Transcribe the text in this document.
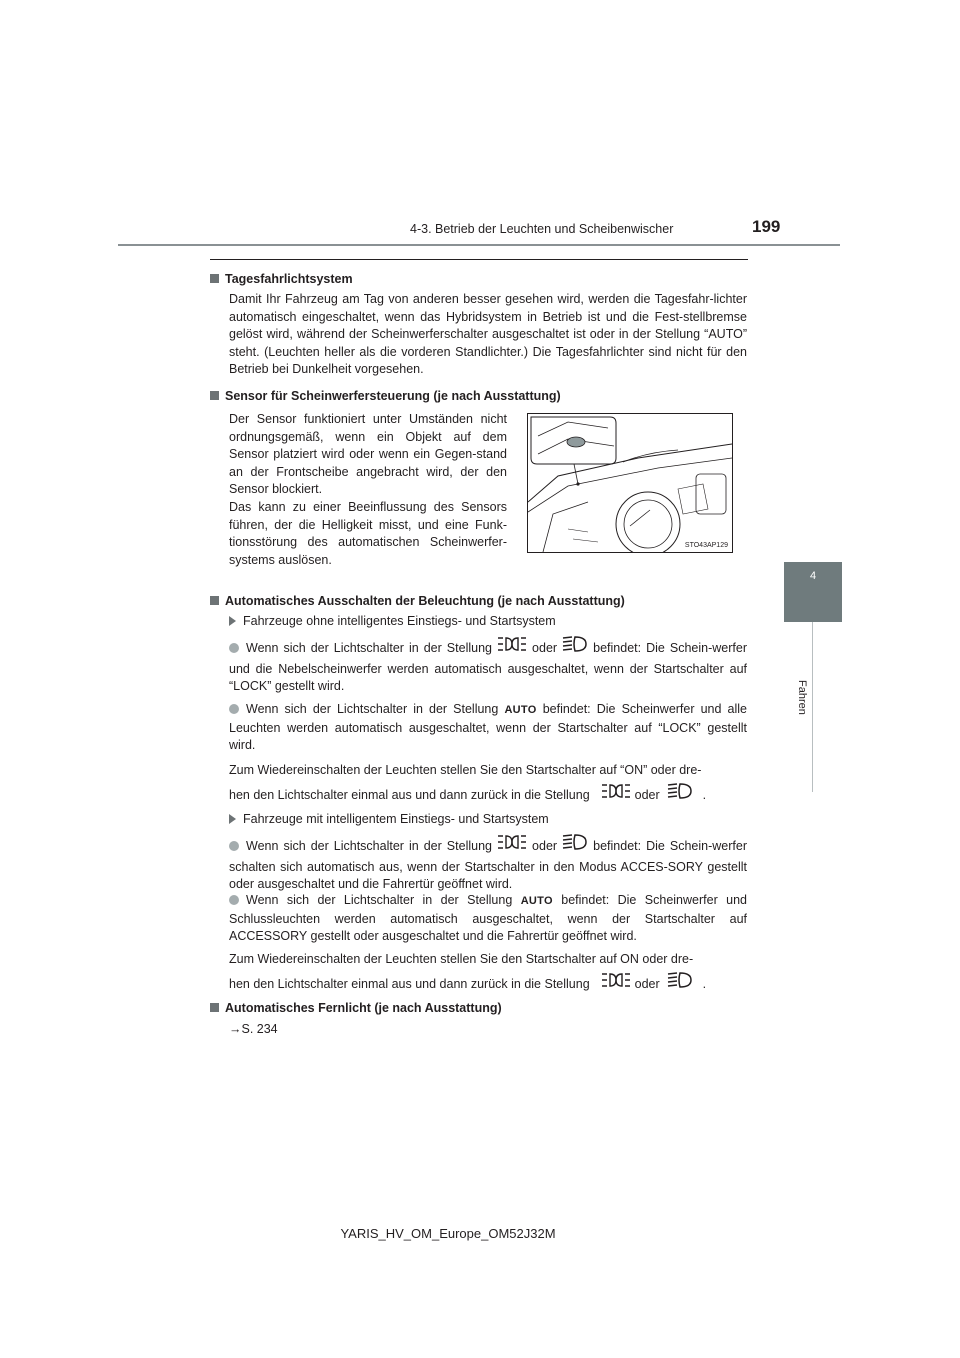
4-3. Betrieb der Leuchten und Scheibenwischer	199
4
Fahren
Tagesfahrlichtsystem
Damit Ihr Fahrzeug am Tag von anderen besser gesehen wird, werden die Tagesfahr-lichter automatisch eingeschaltet, wenn das Hybridsystem in Betrieb ist und die Fest-stellbremse gelöst wird, während der Scheinwerferschalter ausgeschaltet ist oder in der Stellung “AUTO” steht. (Leuchten heller als die vorderen Standlichter.) Die Tagesfahrlichter sind nicht für den Betrieb bei Dunkelheit vorgesehen.
Sensor für Scheinwerfersteuerung (je nach Ausstattung)
Der Sensor funktioniert unter Umständen nicht ordnungsgemäß, wenn ein Objekt auf dem Sensor platziert wird oder wenn ein Gegen-stand an der Frontscheibe angebracht wird, der den Sensor blockiert.
Das kann zu einer Beeinflussung des Sensors führen, der die Helligkeit misst, und eine Funk-tionsstörung des automatischen Scheinwerfer-systems auslösen.
STO43AP129
Automatisches Ausschalten der Beleuchtung (je nach Ausstattung)
Fahrzeuge ohne intelligentes Einstiegs- und Startsystem
Wenn sich der Lichtschalter in der Stellung	oder	befindet: Die Schein-werfer und die Nebelscheinwerfer werden automatisch ausgeschaltet, wenn der Startschalter auf “LOCK” gestellt wird.
Wenn sich der Lichtschalter in der Stellung AUTO befindet: Die Scheinwerfer und alle Leuchten werden automatisch ausgeschaltet, wenn der Startschalter auf “LOCK” gestellt wird.
Zum Wiedereinschalten der Leuchten stellen Sie den Startschalter auf “ON” oder dre-
hen den Lichtschalter einmal aus und dann zurück in die Stellung	oder	.
Fahrzeuge mit intelligentem Einstiegs- und Startsystem
Wenn sich der Lichtschalter in der Stellung	oder	befindet: Die Schein-werfer schalten sich automatisch aus, wenn der Startschalter in den Modus ACCES-SORY gestellt oder ausgeschaltet und die Fahrertür geöffnet wird.
Wenn sich der Lichtschalter in der Stellung AUTO befindet: Die Scheinwerfer und Schlussleuchten werden automatisch ausgeschaltet, wenn der Startschalter auf ACCESSORY gestellt oder ausgeschaltet und die Fahrertür geöffnet wird.
Zum Wiedereinschalten der Leuchten stellen Sie den Startschalter auf ON oder dre-
hen den Lichtschalter einmal aus und dann zurück in die Stellung	oder	.
Automatisches Fernlicht (je nach Ausstattung)
→S. 234
YARIS_HV_OM_Europe_OM52J32M
